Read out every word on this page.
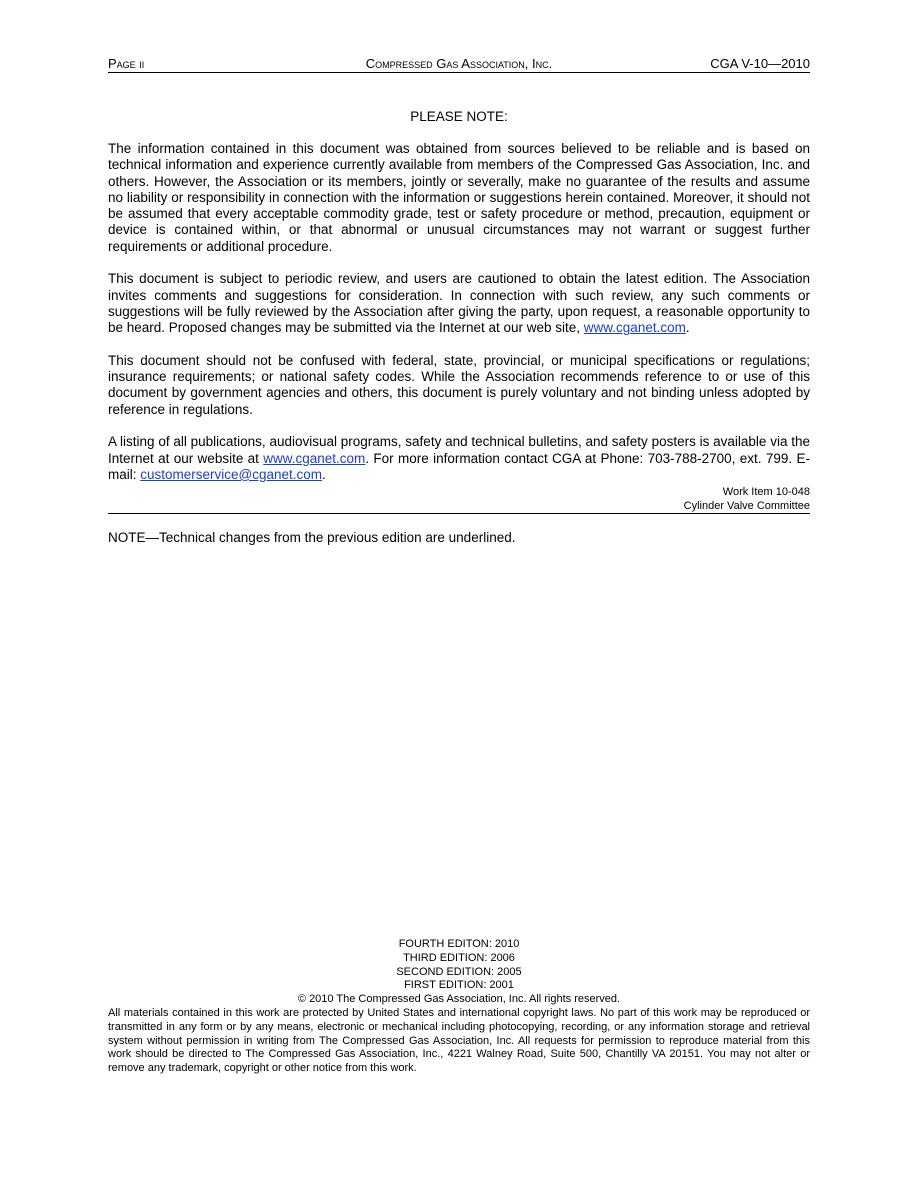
Page ii	Compressed Gas Association, Inc.	CGA V-10—2010
PLEASE NOTE:

The information contained in this document was obtained from sources believed to be reliable and is based on technical information and experience currently available from members of the Compressed Gas Association, Inc. and others. However, the Association or its members, jointly or severally, make no guarantee of the results and assume no liability or responsibility in connection with the information or suggestions herein contained. Moreover, it should not be assumed that every acceptable commodity grade, test or safety procedure or method, precaution, equipment or device is contained within, or that abnormal or unusual circumstances may not warrant or suggest further requirements or additional procedure.

This document is subject to periodic review, and users are cautioned to obtain the latest edition. The Association invites comments and suggestions for consideration. In connection with such review, any such comments or suggestions will be fully reviewed by the Association after giving the party, upon request, a reasonable opportunity to be heard. Proposed changes may be submitted via the Internet at our web site, www.cganet.com.

This document should not be confused with federal, state, provincial, or municipal specifications or regulations; insurance requirements; or national safety codes. While the Association recommends reference to or use of this document by government agencies and others, this document is purely voluntary and not binding unless adopted by reference in regulations.

A listing of all publications, audiovisual programs, safety and technical bulletins, and safety posters is available via the Internet at our website at www.cganet.com. For more information contact CGA at Phone: 703-788-2700, ext. 799. E-mail: customerservice@cganet.com.

Work Item 10-048
Cylinder Valve Committee
NOTE—Technical changes from the previous edition are underlined.
FOURTH EDITON: 2010
THIRD EDITION: 2006
SECOND EDITION: 2005
FIRST EDITION: 2001
© 2010 The Compressed Gas Association, Inc. All rights reserved.
All materials contained in this work are protected by United States and international copyright laws. No part of this work may be reproduced or transmitted in any form or by any means, electronic or mechanical including photocopying, recording, or any information storage and retrieval system without permission in writing from The Compressed Gas Association, Inc. All requests for permission to reproduce material from this work should be directed to The Compressed Gas Association, Inc., 4221 Walney Road, Suite 500, Chantilly VA 20151. You may not alter or remove any trademark, copyright or other notice from this work.
